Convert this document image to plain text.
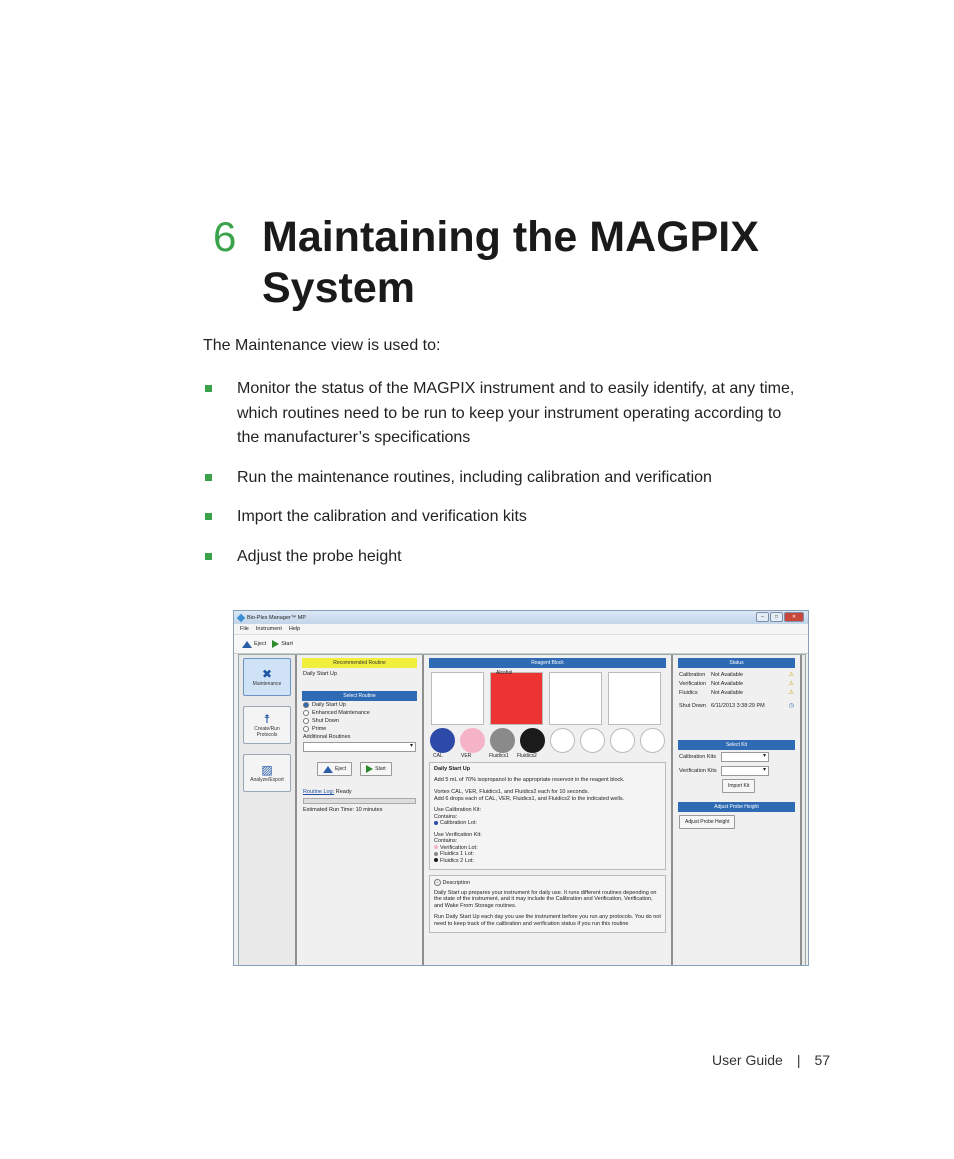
6 Maintaining the MAGPIX System
The Maintenance view is used to:
Monitor the status of the MAGPIX instrument and to easily identify, at any time, which routines need to be run to keep your instrument operating according to the manufacturer’s specifications
Run the maintenance routines, including calibration and verification
Import the calibration and verification kits
Adjust the probe height
Bio-Plex Manager™ MP	–	□	✕
File Instrument Help
Eject	Start
✖
Maintenance
☨
Create/Run Protocols
▨
Analyze/Export
Recommended Routine
Daily Start Up
Select Routine
Daily Start Up
Enhanced Maintenance
Shut Down
Prime
Additional Routines
▾
Eject	Start
Routine Log: Ready
Estimated Run Time: 10 minutes
Reagent Block
Alcohol
CAL	VER	Fluidics1	Fluidics2

Daily Start Up

Add 5 mL of 70% isopropanol to the appropriate reservoir in the reagent block.

Vortex CAL, VER, Fluidics1, and Fluidics2 each for 10 seconds.

Add 6 drops each of CAL, VER, Fluidics1, and Fluidics2 to the indicated wells.

Use Calibration Kit:

Contains:

Calibration Lot:

Use Verification Kit:

Contains:

Verification Lot:

Fluidics 1 Lot:

Fluidics 2 Lot:

^ Description

Daily Start up prepares your instrument for daily use. It runs different routines depending on the state of the instrument, and it may include the Calibration and Verification, Verification, and Wake From Storage routines.

Run Daily Start Up each day you use the instrument before you run any protocols. You do not need to keep track of the calibration and verification status if you run this routine

Status
Calibration	Not Available	⚠
Verification Not Available	⚠
Fluidics	Not Available	⚠
Shut Down 6/11/2013 3:38:29 PM	◷
Select Kit
Calibration Kits
▾
Verification Kits
▾
Import Kit
Adjust Probe Height
Adjust Probe Height
User Guide | 57
